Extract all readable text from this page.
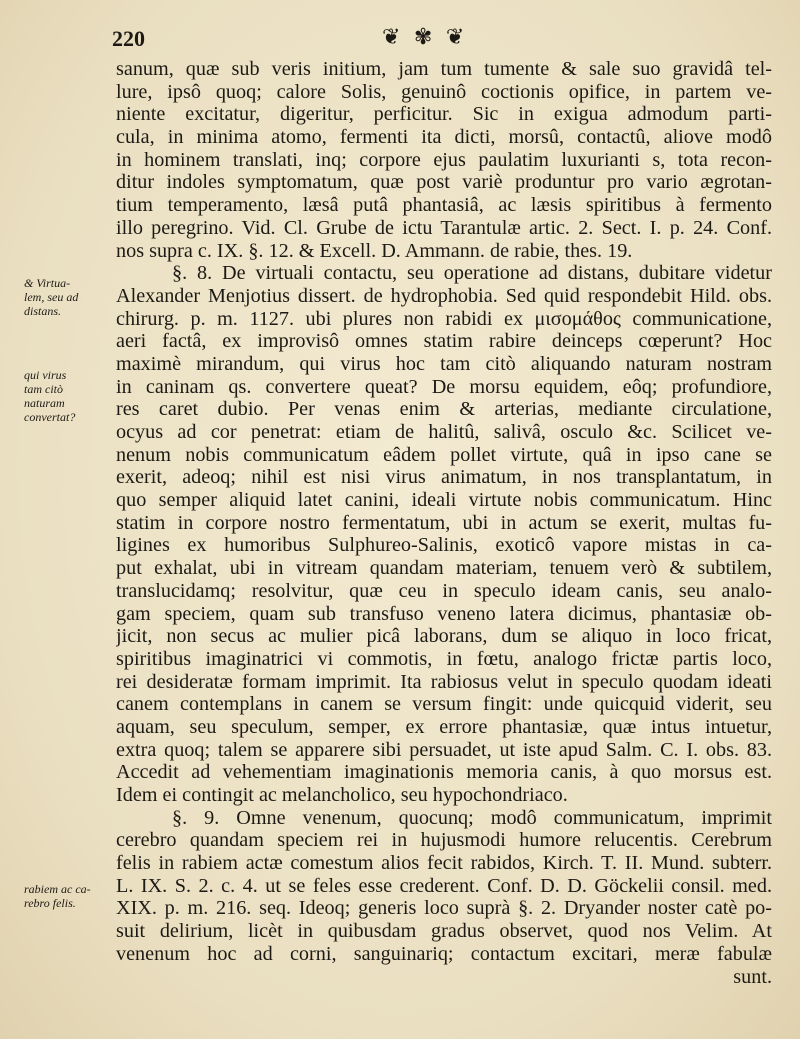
220	❦ ✾ ❦
& Virtua-
lem, seu ad
distans.
qui virus
tam citò
naturam
convertat?
rabiem ac ca-
rebro felis.
sanum, quæ sub veris initium, jam tum tumente & sale suo gravidâ tel-
lure, ipsô quoq; calore Solis, genuinô coctionis opifice, in partem ve-
niente excitatur, digeritur, perficitur. Sic in exigua admodum parti-
cula, in minima atomo, fermenti ita dicti, morsû, contactû, aliove modô
in hominem translati, inq; corpore ejus paulatim luxurianti s, tota recon-
ditur indoles symptomatum, quæ post variè produntur pro vario ægrotan-
tium temperamento, læsâ putâ phantasiâ, ac læsis spiritibus à fermento
illo peregrino. Vid. Cl. Grube de ictu Tarantulæ artic. 2. Sect. I. p. 24. Conf.
nos supra c. IX. §. 12. & Excell. D. Ammann. de rabie, thes. 19.
§. 8. De virtuali contactu, seu operatione ad distans, dubitare videtur
Alexander Menjotius dissert. de hydrophobia. Sed quid respondebit Hild. obs.
chirurg. p. m. 1127. ubi plures non rabidi ex μισομάθος communicatione,
aeri factâ, ex improvisô omnes statim rabire deinceps cœperunt? Hoc
maximè mirandum, qui virus hoc tam citò aliquando naturam nostram
in caninam qs. convertere queat? De morsu equidem, eôq; profundiore,
res caret dubio. Per venas enim & arterias, mediante circulatione,
ocyus ad cor penetrat: etiam de halitû, salivâ, osculo &c. Scilicet ve-
nenum nobis communicatum eâdem pollet virtute, quâ in ipso cane se
exerit, adeoq; nihil est nisi virus animatum, in nos transplantatum, in
quo semper aliquid latet canini, ideali virtute nobis communicatum. Hinc
statim in corpore nostro fermentatum, ubi in actum se exerit, multas fu-
ligines ex humoribus Sulphureo-Salinis, exoticô vapore mistas in ca-
put exhalat, ubi in vitream quandam materiam, tenuem verò & subtilem,
translucidamq; resolvitur, quæ ceu in speculo ideam canis, seu analo-
gam speciem, quam sub transfuso veneno latera dicimus, phantasiæ ob-
jicit, non secus ac mulier picâ laborans, dum se aliquo in loco fricat,
spiritibus imaginatrici vi commotis, in fœtu, analogo frictæ partis loco,
rei desideratæ formam imprimit. Ita rabiosus velut in speculo quodam ideati
canem contemplans in canem se versum fingit: unde quicquid viderit, seu
aquam, seu speculum, semper, ex errore phantasiæ, quæ intus intuetur,
extra quoq; talem se apparere sibi persuadet, ut iste apud Salm. C. I. obs. 83.
Accedit ad vehementiam imaginationis memoria canis, à quo morsus est.
Idem ei contingit ac melancholico, seu hypochondriaco.
§. 9. Omne venenum, quocunq; modô communicatum, imprimit
cerebro quandam speciem rei in hujusmodi humore relucentis. Cerebrum
felis in rabiem actæ comestum alios fecit rabidos, Kirch. T. II. Mund. subterr.
L. IX. S. 2. c. 4. ut se feles esse crederent. Conf. D. D. Göckelii consil. med.
XIX. p. m. 216. seq. Ideoq; generis loco suprà §. 2. Dryander noster catè po-
suit delirium, licèt in quibusdam gradus observet, quod nos Velim. At
venenum hoc ad corni, sanguinariq; contactum excitari, meræ fabulæ
sunt.
